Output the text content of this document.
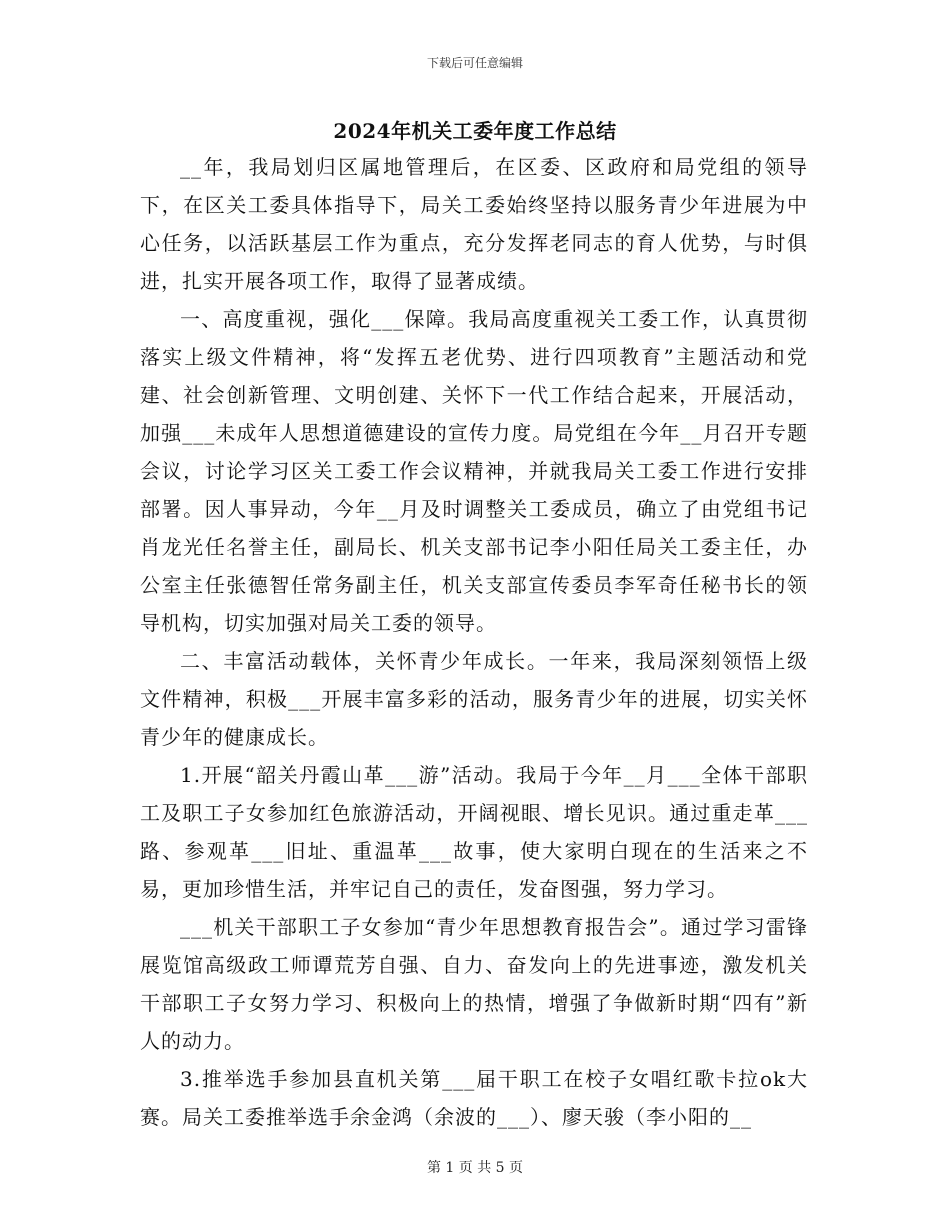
下载后可任意编辑
2024年机关工委年度工作总结

__年，我局划归区属地管理后，在区委、区政府和局党组的领导下，在区关工委具体指导下，局关工委始终坚持以服务青少年进展为中心任务，以活跃基层工作为重点，充分发挥老同志的育人优势，与时俱进，扎实开展各项工作，取得了显著成绩。

一、高度重视，强化___保障。我局高度重视关工委工作，认真贯彻落实上级文件精神，将“发挥五老优势、进行四项教育”主题活动和党建、社会创新管理、文明创建、关怀下一代工作结合起来，开展活动，加强___未成年人思想道德建设的宣传力度。局党组在今年__月召开专题会议，讨论学习区关工委工作会议精神，并就我局关工委工作进行安排部署。因人事异动，今年__月及时调整关工委成员，确立了由党组书记肖龙光任名誉主任，副局长、机关支部书记李小阳任局关工委主任，办公室主任张德智任常务副主任，机关支部宣传委员李军奇任秘书长的领导机构，切实加强对局关工委的领导。

二、丰富活动载体，关怀青少年成长。一年来，我局深刻领悟上级文件精神，积极___开展丰富多彩的活动，服务青少年的进展，切实关怀青少年的健康成长。

1.开展“韶关丹霞山革___游”活动。我局于今年__月___全体干部职工及职工子女参加红色旅游活动，开阔视眼、增长见识。通过重走革___路、参观革___旧址、重温革___故事，使大家明白现在的生活来之不易，更加珍惜生活，并牢记自己的责任，发奋图强，努力学习。

___机关干部职工子女参加“青少年思想教育报告会”。通过学习雷锋展览馆高级政工师谭荒芳自强、自力、奋发向上的先进事迹，激发机关干部职工子女努力学习、积极向上的热情，增强了争做新时期“四有”新人的动力。

3.推举选手参加县直机关第___届干职工在校子女唱红歌卡拉ok大赛。局关工委推举选手余金鸿（余波的___）、廖天骏（李小阳的__

第 1 页 共 5 页
